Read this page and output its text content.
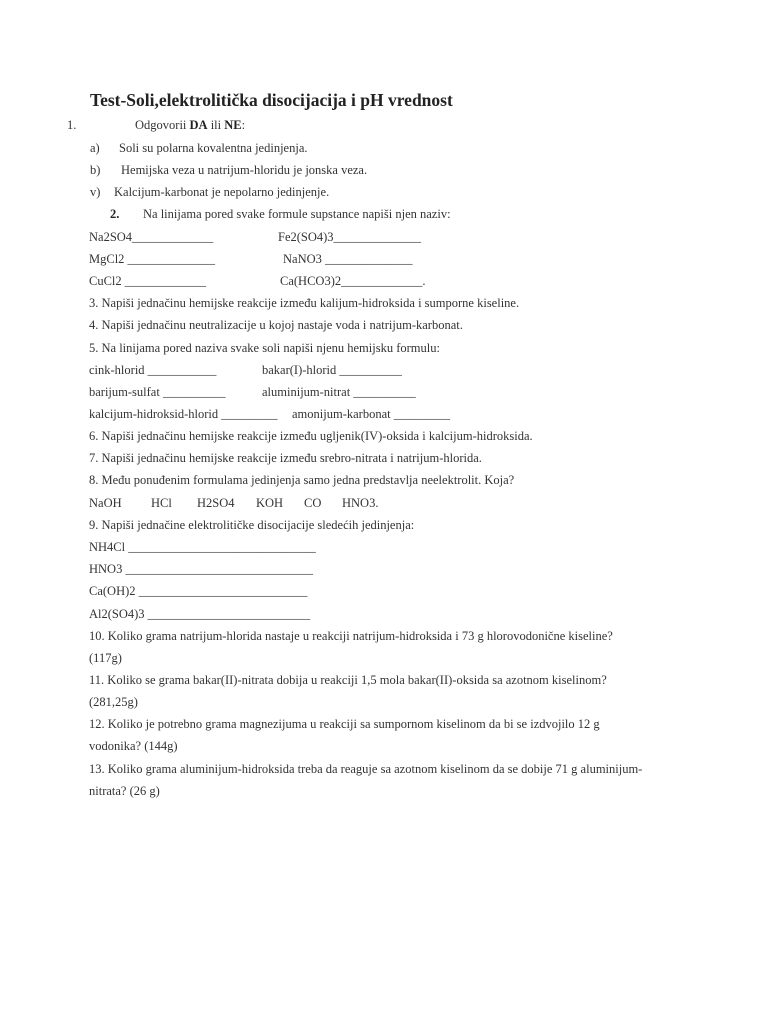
Test-Soli,elektrolitička disocijacija i pH vrednost
1.	Odgovorii DA ili NE:
a) Soli su polarna kovalentna jedinjenja.
b) Hemijska veza u natrijum-hloridu je jonska veza.
v) Kalcijum-karbonat je nepolarno jedinjenje.
2. Na linijama pored svake formule supstance napiši njen naziv:
Na2SO4_____________	Fe2(SO4)3______________
MgCl2 ______________	NaNO3 ______________
CuCl2 _____________	Ca(HCO3)2_____________.
3. Napiši jednačinu hemijske reakcije između kalijum-hidroksida i sumporne kiseline.
4. Napiši jednačinu neutralizacije u kojoj nastaje voda i natrijum-karbonat.
5. Na linijama pored naziva svake soli napiši njenu hemijsku formulu:
cink-hlorid ___________	bakar(I)-hlorid __________
barijum-sulfat __________	aluminijum-nitrat __________
kalcijum-hidroksid-hlorid _________ amonijum-karbonat _________
6. Napiši jednačinu hemijske reakcije između ugljenik(IV)-oksida i kalcijum-hidroksida.
7. Napiši jednačinu hemijske reakcije između srebro-nitrata i natrijum-hlorida.
8. Među ponuđenim formulama jedinjenja samo jedna predstavlja neelektrolit. Koja?
NaOH HCl H2SO4 KOH CO HNO3.
9. Napiši jednačine elektrolitičke disocijacije sledećih jedinjenja:
NH4Cl ______________________________
HNO3 ______________________________
Ca(OH)2 ___________________________
Al2(SO4)3 __________________________
10. Koliko grama natrijum-hlorida nastaje u reakciji natrijum-hidroksida i 73 g hlorovodonične kiseline?
(117g)
11. Koliko se grama bakar(II)-nitrata dobija u reakciji 1,5 mola bakar(II)-oksida sa azotnom kiselinom?
(281,25g)
12. Koliko je potrebno grama magnezijuma u reakciji sa sumpornom kiselinom da bi se izdvojilo 12 g
vodonika? (144g)
13. Koliko grama aluminijum-hidroksida treba da reaguje sa azotnom kiselinom da se dobije 71 g aluminijum-
nitrata? (26 g)
